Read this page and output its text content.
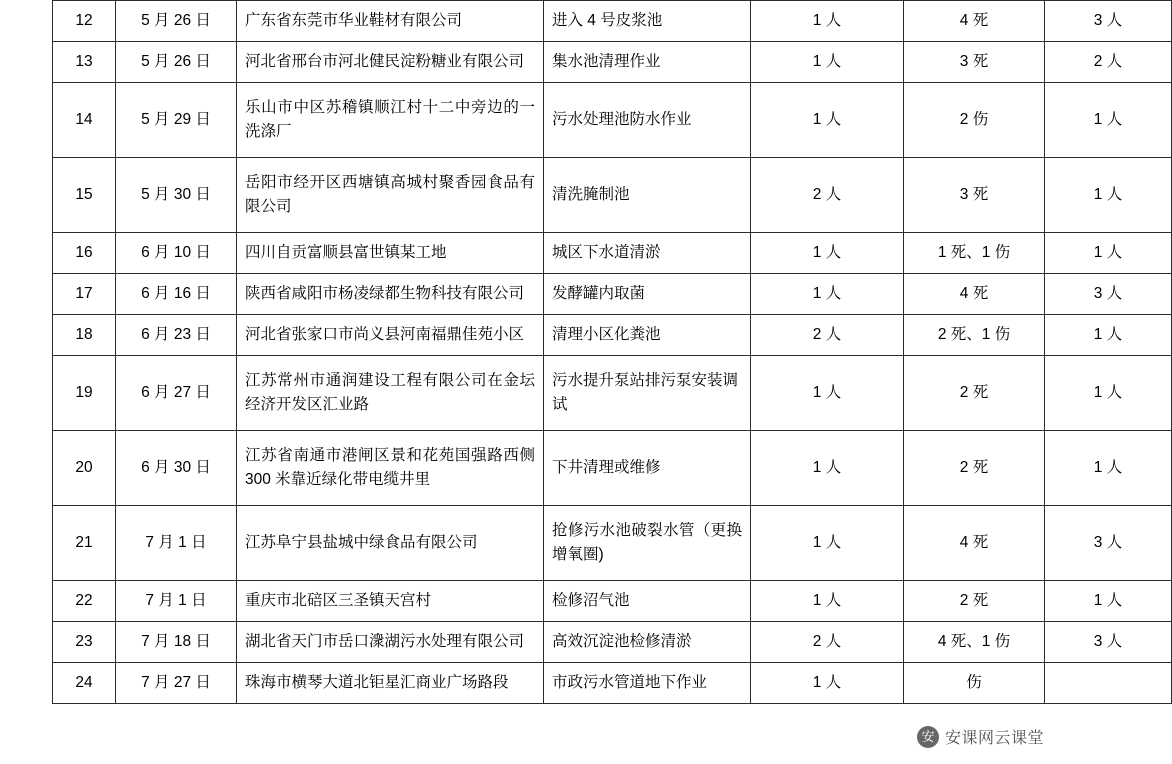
12	5 月 26 日	广东省东莞市华业鞋材有限公司	进入 4 号皮浆池	1 人	4 死	3 人
13	5 月 26 日	河北省邢台市河北健民淀粉糖业有限公司	集水池清理作业	1 人	3 死	2 人
14	5 月 29 日	乐山市中区苏稽镇顺江村十二中旁边的一洗涤厂	污水处理池防水作业	1 人	2 伤	1 人
15	5 月 30 日	岳阳市经开区西塘镇高城村聚香园食品有限公司	清洗腌制池	2 人	3 死	1 人
16	6 月 10 日	四川自贡富顺县富世镇某工地	城区下水道清淤	1 人	1 死、1 伤	1 人
17	6 月 16 日	陕西省咸阳市杨凌绿都生物科技有限公司	发酵罐内取菌	1 人	4 死	3 人
18	6 月 23 日	河北省张家口市尚义县河南福鼎佳苑小区	清理小区化粪池	2 人	2 死、1 伤	1 人
19	6 月 27 日	江苏常州市通润建设工程有限公司在金坛经济开发区汇业路	污水提升泵站排污泵安装调试	1 人	2 死	1 人
20	6 月 30 日	江苏省南通市港闸区景和花苑国强路西侧 300 米靠近绿化带电缆井里	下井清理或维修	1 人	2 死	1 人
21	7 月 1 日	江苏阜宁县盐城中绿食品有限公司	抢修污水池破裂水管（更换增氧圈)	1 人	4 死	3 人
22	7 月 1 日	重庆市北碚区三圣镇天宫村	检修沼气池	1 人	2 死	1 人
23	7 月 18 日	湖北省天门市岳口潨湖污水处理有限公司	高效沉淀池检修清淤	2 人	4 死、1 伤	3 人
24	7 月 27 日	珠海市横琴大道北钜星汇商业广场路段	市政污水管道地下作业	1 人	伤	
安 安课网云课堂
